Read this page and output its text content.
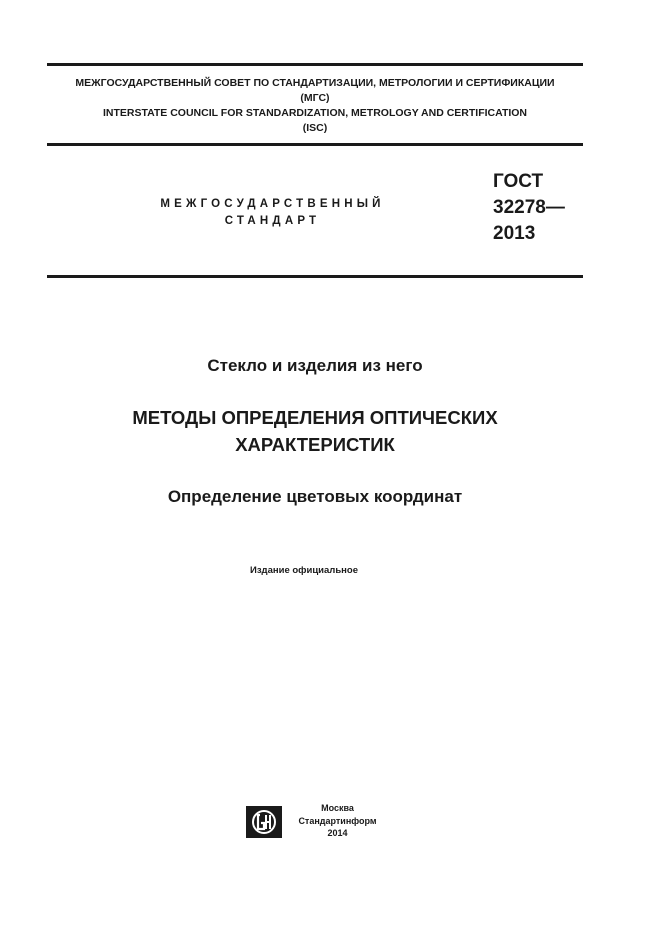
МЕЖГОСУДАРСТВЕННЫЙ СОВЕТ ПО СТАНДАРТИЗАЦИИ, МЕТРОЛОГИИ И СЕРТИФИКАЦИИ
(МГС)
INTERSTATE COUNCIL FOR STANDARDIZATION, METROLOGY AND CERTIFICATION
(ISC)
МЕЖГОСУДАРСТВЕННЫЙ
СТАНДАРТ
ГОСТ
32278—
2013
Стекло и изделия из него
МЕТОДЫ ОПРЕДЕЛЕНИЯ ОПТИЧЕСКИХ
ХАРАКТЕРИСТИК
Определение цветовых координат
Издание официальное
Москва
Стандартинформ
2014
